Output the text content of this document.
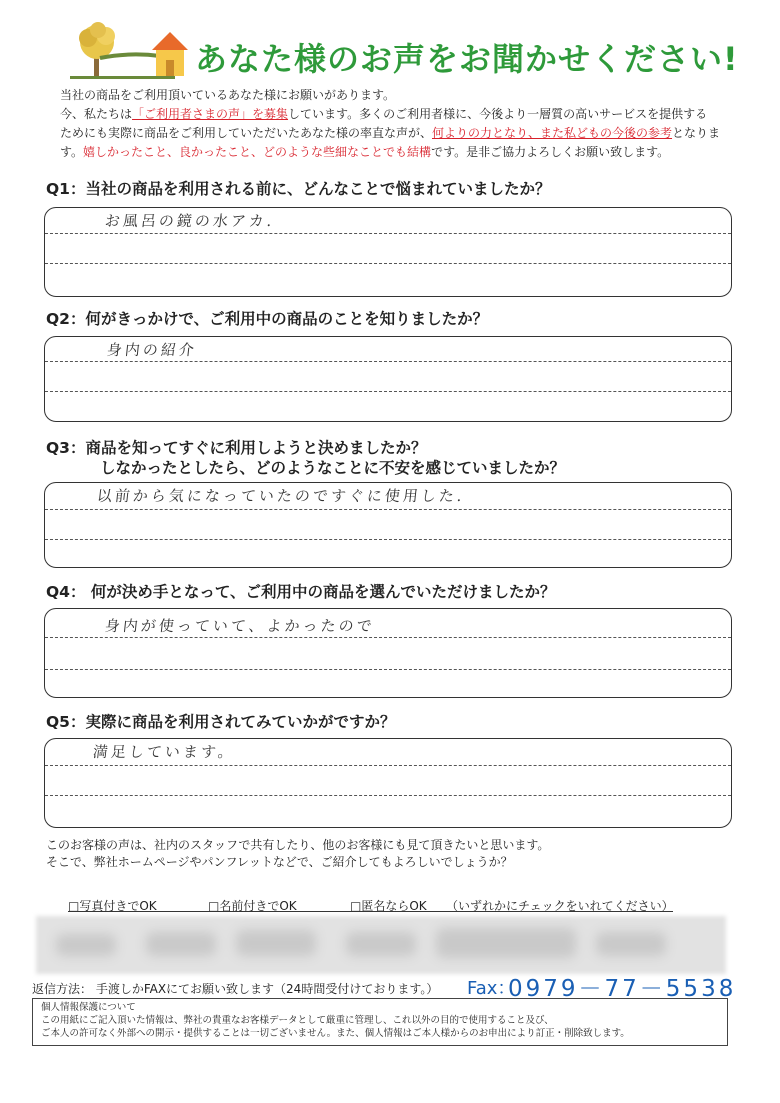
あなた様のお声をお聞かせください!
当社の商品をご利用頂いているあなた様にお願いがあります。
今、私たちは「ご利用者さまの声」を募集しています。多くのご利用者様に、今後より一層質の高いサービスを提供する
ためにも実際に商品をご利用していただいたあなた様の率直な声が、何よりの力となり、また私どもの今後の参考となりま
す。嬉しかったこと、良かったこと、どのような些細なことでも結構です。是非ご協力よろしくお願い致します。
Q1：当社の商品を利用される前に、どんなことで悩まれていましたか？
お風呂の鏡の水アカ.
Q2：何がきっかけで、ご利用中の商品のことを知りましたか？
身内の紹介
Q3：商品を知ってすぐに利用しようと決めましたか？
しなかったとしたら、どのようなことに不安を感じていましたか？
以前から気になっていたのですぐに使用した.
Q4： 何が決め手となって、ご利用中の商品を選んでいただけましたか？
身内が使っていて、よかったので
Q5：実際に商品を利用されてみていかがですか？
満足しています。
このお客様の声は、社内のスタッフで共有したり、他のお客様にも見て頂きたいと思います。
そこで、弊社ホームページやパンフレットなどで、ご紹介してもよろしいでしょうか？
□写真付きでOK	□名前付きでOK	□匿名ならOK （いずれかにチェックをいれてください）
返信方法： 手渡しかFAXにてお願い致します（24時間受付けております。） Fax：
0979－77－5538
個人情報保護について
この用紙にご記入頂いた情報は、弊社の貴重なお客様データとして厳重に管理し、これ以外の目的で使用すること及び、
ご本人の許可なく外部への開示・提供することは一切ございません。また、個人情報はご本人様からのお申出により訂正・削除致します。
